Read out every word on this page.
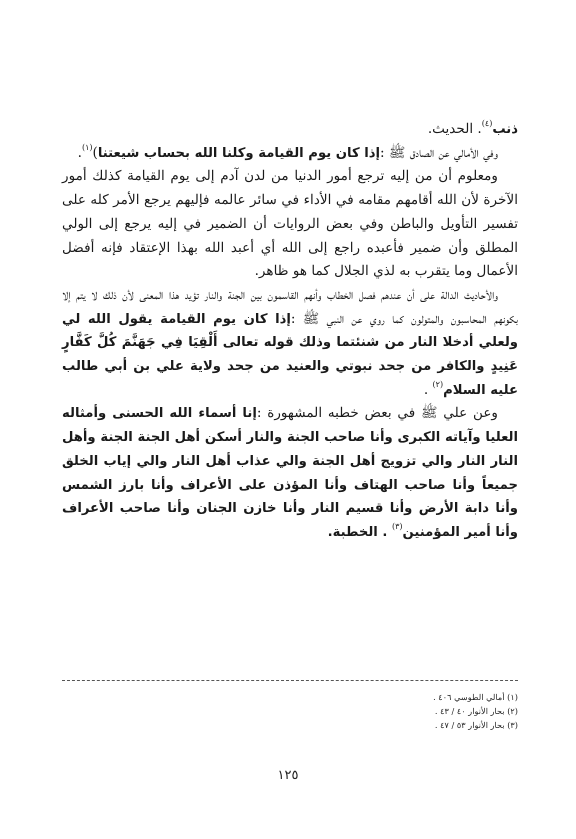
ذنب$^{(٤)}$. الحديث.

وفي الأمالي عن الصادق ﷺ :إذا كان يوم القيامة وكلنا الله بحساب شيعتنا)$^{(١)}$.

ومعلوم أن من إليه ترجع أمور الدنيا من لدن آدم إلى يوم القيامة كذلك أمور الآخرة لأن الله أقامهم مقامه في الأداء في سائر عالمه فإليهم يرجع الأمر كله على تفسير التأويل والباطن وفي بعض الروايات أن الضمير في إليه يرجع إلى الولي المطلق وأن ضمير فأعبده راجع إلى الله أي أعبد الله بهذا الإعتقاد فإنه أفضل الأعمال وما يتقرب به لذي الجلال كما هو ظاهر.

والأحاديث الدالة على أن عندهم فصل الخطاب وأنهم القاسمون بين الجنة والنار تؤيد هذا المعنى لأن ذلك لا يتم إلا بكونهم المحاسبون والمتولون كما روي عن النبي ﷺ :إذا كان يوم القيامة يقول الله لي ولعلي أدخلا النار من شنئتما وذلك قوله تعالى أَلْقِيَا فِي جَهَنَّمَ كُلَّ كَفَّارٍ عَنِيدٍ والكافر من جحد نبوتي والعنيد من جحد ولاية علي بن أبي طالب عليه السلام$^{(٢)}$ .

وعن علي ﷺ في بعض خطبه المشهورة :إنا أسماء الله الحسنى وأمثاله العليا وآياته الكبرى وأنا صاحب الجنة والنار أسكن أهل الجنة الجنة وأهل النار النار والي تزويج أهل الجنة والي عذاب أهل النار والي إياب الخلق جميعاً وأنا صاحب الهتاف وأنا المؤذن على الأعراف وأنا بارز الشمس وأنا دابة الأرض وأنا قسيم النار وأنا خازن الجنان وأنا صاحب الأعراف وأنا أمير المؤمنين$^{(٣)}$ . الخطبة.

(١) أمالي الطوسي ٤٠٦ .

(٢) بحار الأنوار ٤٠ / ٤٣ .

(٣) بحار الأنوار ٥٣ / ٤٧ .

١٢٥
